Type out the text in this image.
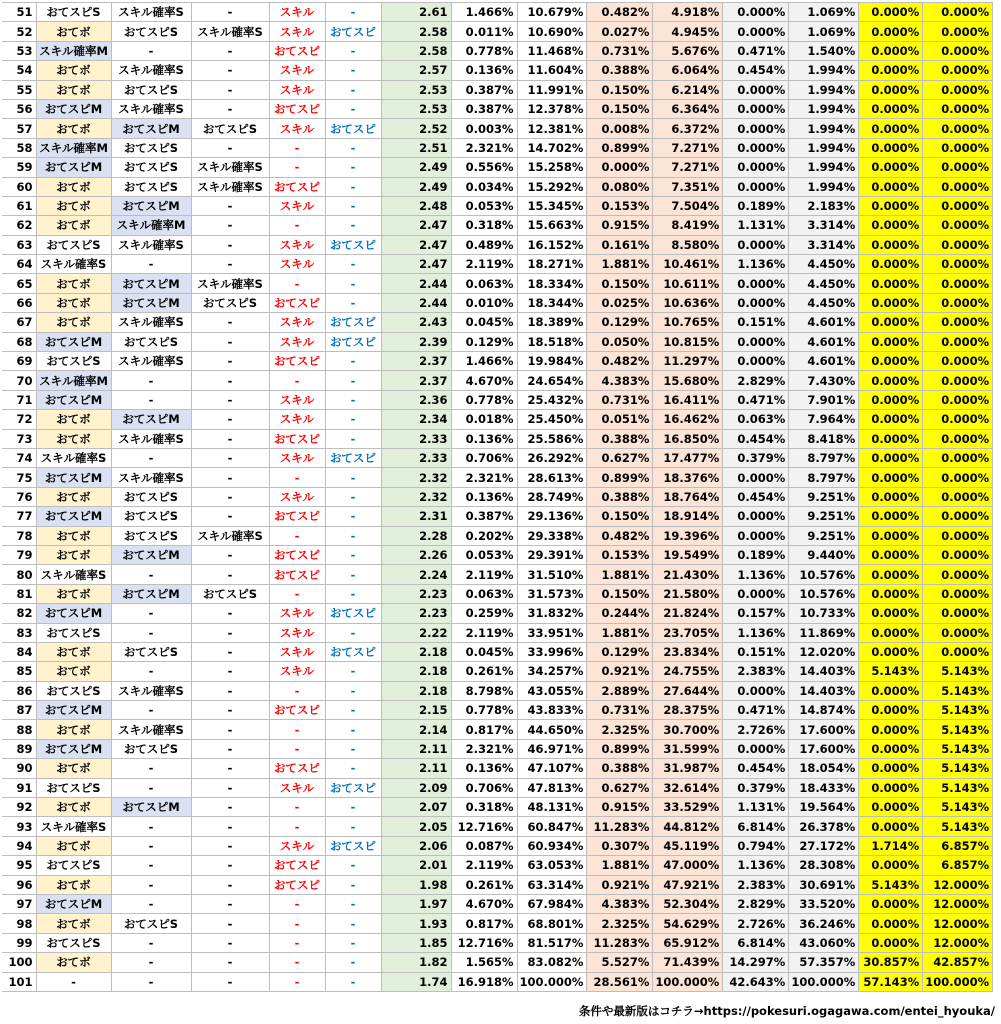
51	おてスピS	スキル確率S	-	スキル	-	2.61	1.466%	10.679%	0.482%	4.918%	0.000%	1.069%	0.000%	0.000%
52	おてボ	おてスピS	スキル確率S	スキル	おてスピ	2.58	0.011%	10.690%	0.027%	4.945%	0.000%	1.069%	0.000%	0.000%
53	スキル確率M	-	-	おてスピ	-	2.58	0.778%	11.468%	0.731%	5.676%	0.471%	1.540%	0.000%	0.000%
54	おてボ	スキル確率S	-	スキル	-	2.57	0.136%	11.604%	0.388%	6.064%	0.454%	1.994%	0.000%	0.000%
55	おてボ	おてスピS	-	スキル	-	2.53	0.387%	11.991%	0.150%	6.214%	0.000%	1.994%	0.000%	0.000%
56	おてスピM	スキル確率S	-	おてスピ	-	2.53	0.387%	12.378%	0.150%	6.364%	0.000%	1.994%	0.000%	0.000%
57	おてボ	おてスピM	おてスピS	スキル	おてスピ	2.52	0.003%	12.381%	0.008%	6.372%	0.000%	1.994%	0.000%	0.000%
58	スキル確率M	おてスピS	-	-	-	2.51	2.321%	14.702%	0.899%	7.271%	0.000%	1.994%	0.000%	0.000%
59	おてスピM	おてスピS	スキル確率S	-	-	2.49	0.556%	15.258%	0.000%	7.271%	0.000%	1.994%	0.000%	0.000%
60	おてボ	おてスピS	スキル確率S	おてスピ	-	2.49	0.034%	15.292%	0.080%	7.351%	0.000%	1.994%	0.000%	0.000%
61	おてボ	おてスピM	-	スキル	-	2.48	0.053%	15.345%	0.153%	7.504%	0.189%	2.183%	0.000%	0.000%
62	おてボ	スキル確率M	-	-	-	2.47	0.318%	15.663%	0.915%	8.419%	1.131%	3.314%	0.000%	0.000%
63	おてスピS	スキル確率S	-	スキル	おてスピ	2.47	0.489%	16.152%	0.161%	8.580%	0.000%	3.314%	0.000%	0.000%
64	スキル確率S	-	-	スキル	-	2.47	2.119%	18.271%	1.881%	10.461%	1.136%	4.450%	0.000%	0.000%
65	おてボ	おてスピM	スキル確率S	-	-	2.44	0.063%	18.334%	0.150%	10.611%	0.000%	4.450%	0.000%	0.000%
66	おてボ	おてスピM	おてスピS	おてスピ	-	2.44	0.010%	18.344%	0.025%	10.636%	0.000%	4.450%	0.000%	0.000%
67	おてボ	スキル確率S	-	スキル	おてスピ	2.43	0.045%	18.389%	0.129%	10.765%	0.151%	4.601%	0.000%	0.000%
68	おてスピM	おてスピS	-	スキル	おてスピ	2.39	0.129%	18.518%	0.050%	10.815%	0.000%	4.601%	0.000%	0.000%
69	おてスピS	スキル確率S	-	おてスピ	-	2.37	1.466%	19.984%	0.482%	11.297%	0.000%	4.601%	0.000%	0.000%
70	スキル確率M	-	-	-	-	2.37	4.670%	24.654%	4.383%	15.680%	2.829%	7.430%	0.000%	0.000%
71	おてスピM	-	-	スキル	-	2.36	0.778%	25.432%	0.731%	16.411%	0.471%	7.901%	0.000%	0.000%
72	おてボ	おてスピM	-	スキル	-	2.34	0.018%	25.450%	0.051%	16.462%	0.063%	7.964%	0.000%	0.000%
73	おてボ	スキル確率S	-	おてスピ	-	2.33	0.136%	25.586%	0.388%	16.850%	0.454%	8.418%	0.000%	0.000%
74	スキル確率S	-	-	スキル	おてスピ	2.33	0.706%	26.292%	0.627%	17.477%	0.379%	8.797%	0.000%	0.000%
75	おてスピM	スキル確率S	-	-	-	2.32	2.321%	28.613%	0.899%	18.376%	0.000%	8.797%	0.000%	0.000%
76	おてボ	おてスピS	-	スキル	-	2.32	0.136%	28.749%	0.388%	18.764%	0.454%	9.251%	0.000%	0.000%
77	おてスピM	おてスピS	-	おてスピ	-	2.31	0.387%	29.136%	0.150%	18.914%	0.000%	9.251%	0.000%	0.000%
78	おてボ	おてスピS	スキル確率S	-	-	2.28	0.202%	29.338%	0.482%	19.396%	0.000%	9.251%	0.000%	0.000%
79	おてボ	おてスピM	-	おてスピ	-	2.26	0.053%	29.391%	0.153%	19.549%	0.189%	9.440%	0.000%	0.000%
80	スキル確率S	-	-	おてスピ	-	2.24	2.119%	31.510%	1.881%	21.430%	1.136%	10.576%	0.000%	0.000%
81	おてボ	おてスピM	おてスピS	-	-	2.23	0.063%	31.573%	0.150%	21.580%	0.000%	10.576%	0.000%	0.000%
82	おてスピM	-	-	スキル	おてスピ	2.23	0.259%	31.832%	0.244%	21.824%	0.157%	10.733%	0.000%	0.000%
83	おてスピS	-	-	スキル	-	2.22	2.119%	33.951%	1.881%	23.705%	1.136%	11.869%	0.000%	0.000%
84	おてボ	おてスピS	-	スキル	おてスピ	2.18	0.045%	33.996%	0.129%	23.834%	0.151%	12.020%	0.000%	0.000%
85	おてボ	-	-	スキル	-	2.18	0.261%	34.257%	0.921%	24.755%	2.383%	14.403%	5.143%	5.143%
86	おてスピS	スキル確率S	-	-	-	2.18	8.798%	43.055%	2.889%	27.644%	0.000%	14.403%	0.000%	5.143%
87	おてスピM	-	-	おてスピ	-	2.15	0.778%	43.833%	0.731%	28.375%	0.471%	14.874%	0.000%	5.143%
88	おてボ	スキル確率S	-	-	-	2.14	0.817%	44.650%	2.325%	30.700%	2.726%	17.600%	0.000%	5.143%
89	おてスピM	おてスピS	-	-	-	2.11	2.321%	46.971%	0.899%	31.599%	0.000%	17.600%	0.000%	5.143%
90	おてボ	-	-	おてスピ	-	2.11	0.136%	47.107%	0.388%	31.987%	0.454%	18.054%	0.000%	5.143%
91	おてスピS	-	-	スキル	おてスピ	2.09	0.706%	47.813%	0.627%	32.614%	0.379%	18.433%	0.000%	5.143%
92	おてボ	おてスピM	-	-	-	2.07	0.318%	48.131%	0.915%	33.529%	1.131%	19.564%	0.000%	5.143%
93	スキル確率S	-	-	-	-	2.05	12.716%	60.847%	11.283%	44.812%	6.814%	26.378%	0.000%	5.143%
94	おてボ	-	-	スキル	おてスピ	2.06	0.087%	60.934%	0.307%	45.119%	0.794%	27.172%	1.714%	6.857%
95	おてスピS	-	-	おてスピ	-	2.01	2.119%	63.053%	1.881%	47.000%	1.136%	28.308%	0.000%	6.857%
96	おてボ	-	-	おてスピ	-	1.98	0.261%	63.314%	0.921%	47.921%	2.383%	30.691%	5.143%	12.000%
97	おてスピM	-	-	-	-	1.97	4.670%	67.984%	4.383%	52.304%	2.829%	33.520%	0.000%	12.000%
98	おてボ	おてスピS	-	-	-	1.93	0.817%	68.801%	2.325%	54.629%	2.726%	36.246%	0.000%	12.000%
99	おてスピS	-	-	-	-	1.85	12.716%	81.517%	11.283%	65.912%	6.814%	43.060%	0.000%	12.000%
100	おてボ	-	-	-	-	1.82	1.565%	83.082%	5.527%	71.439%	14.297%	57.357%	30.857%	42.857%
101	-	-	-	-	-	1.74	16.918%	100.000%	28.561%	100.000%	42.643%	100.000%	57.143%	100.000%
条件や最新版はコチラ→https://pokesuri.ogagawa.com/entei_hyouka/
